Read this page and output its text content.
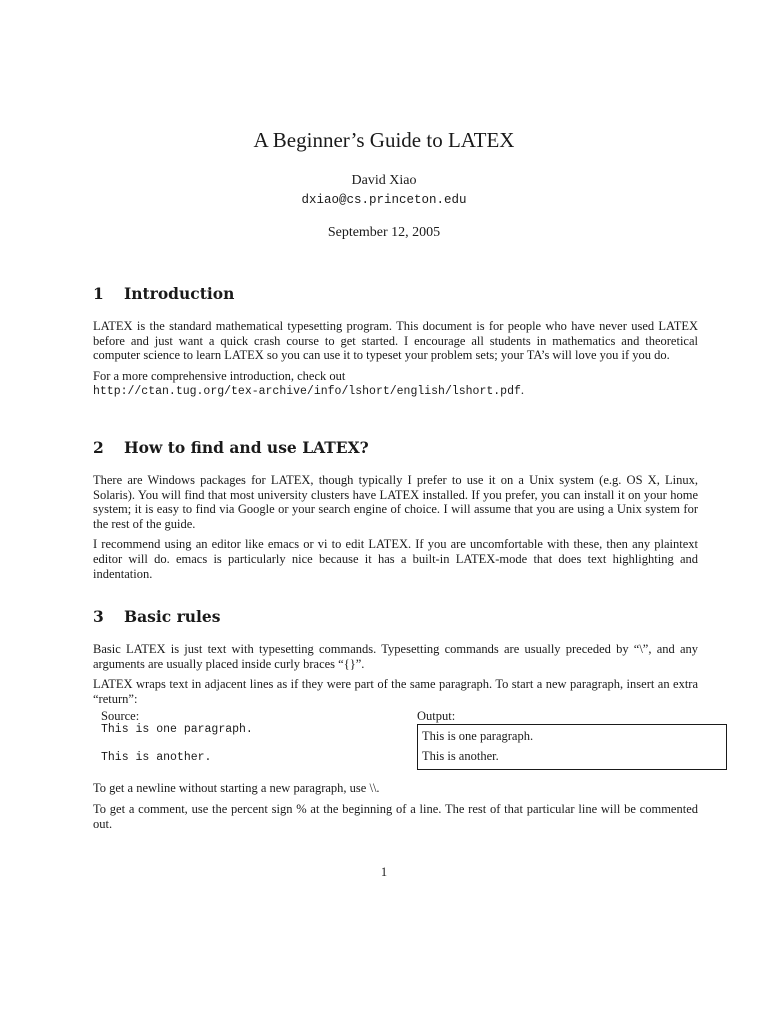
A Beginner’s Guide to LATEX
David Xiao
dxiao@cs.princeton.edu
September 12, 2005
1 Introduction

LATEX is the standard mathematical typesetting program. This document is for people who have never used LATEX before and just want a quick crash course to get started. I encourage all students in mathematics and theoretical computer science to learn LATEX so you can use it to typeset your problem sets; your TA’s will love you if you do.

For a more comprehensive introduction, check out

http://ctan.tug.org/tex-archive/info/lshort/english/lshort.pdf.

2 How to find and use LATEX?

There are Windows packages for LATEX, though typically I prefer to use it on a Unix system (e.g. OS X, Linux, Solaris). You will find that most university clusters have LATEX installed. If you prefer, you can install it on your home system; it is easy to find via Google or your search engine of choice. I will assume that you are using a Unix system for the rest of the guide.

I recommend using an editor like emacs or vi to edit LATEX. If you are uncomfortable with these, then any plaintext editor will do. emacs is particularly nice because it has a built-in LATEX-mode that does text highlighting and indentation.

3 Basic rules

Basic LATEX is just text with typesetting commands. Typesetting commands are usually preceded by “\”, and any arguments are usually placed inside curly braces “{}”.

LATEX wraps text in adjacent lines as if they were part of the same paragraph. To start a new paragraph, insert an extra “return”:

Source:
This is one paragraph.

This is another.
Output:
This is one paragraph.
This is another.

To get a newline without starting a new paragraph, use \\.

To get a comment, use the percent sign % at the beginning of a line. The rest of that particular line will be commented out.

1
